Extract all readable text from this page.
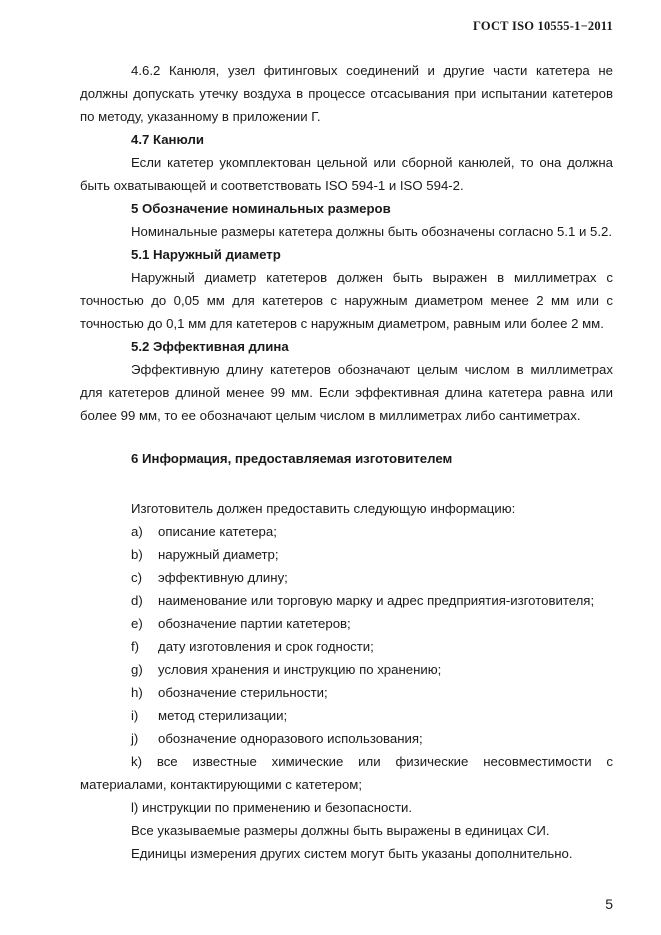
ГОСТ ISO 10555-1−2011

4.6.2 Канюля, узел фитинговых соединений и другие части катетера не

должны допускать утечку воздуха в процессе отсасывания при испытании катетеров

по методу, указанному в приложении Г.

4.7 Канюли

Если катетер укомплектован цельной или сборной канюлей, то она должна

быть охватывающей и соответствовать ISO 594-1 и ISO 594-2.

5 Обозначение номинальных размеров

Номинальные размеры катетера должны быть обозначены согласно 5.1 и 5.2.

5.1 Наружный диаметр

Наружный диаметр катетеров должен быть выражен в миллиметрах с

точностью до 0,05 мм для катетеров с наружным диаметром менее 2 мм или с

точностью до 0,1 мм для катетеров с наружным диаметром, равным или более 2 мм.

5.2 Эффективная длина

Эффективную длину катетеров обозначают целым числом в миллиметрах

для катетеров длиной менее 99 мм. Если эффективная длина катетера равна или

более 99 мм, то ее обозначают целым числом в миллиметрах либо сантиметрах.

6 Информация, предоставляемая изготовителем

Изготовитель должен предоставить следующую информацию:

a)	описание катетера;

b)	наружный диаметр;

c)	эффективную длину;

d)	наименование или торговую марку и адрес предприятия-изготовителя;

e)	обозначение партии катетеров;

f)	дату изготовления и срок годности;

g)	условия хранения и инструкцию по хранению;

h)	обозначение стерильности;

i)	метод стерилизации;

j)	обозначение одноразового использования;

k) все известные химические или физические несовместимости с

материалами, контактирующими с катетером;

l) инструкции по применению и безопасности.

Все указываемые размеры должны быть выражены в единицах СИ.

Единицы измерения других систем могут быть указаны дополнительно.

5
